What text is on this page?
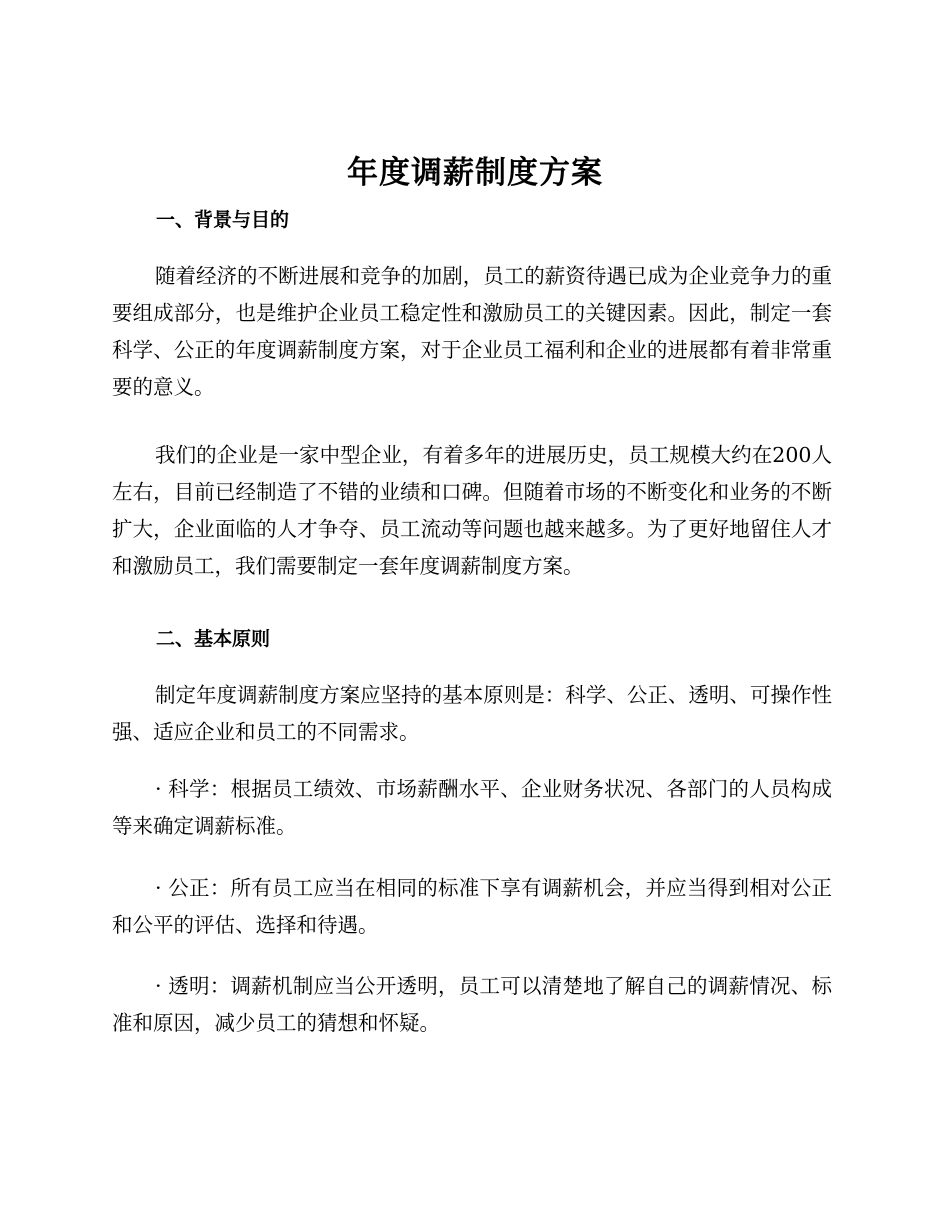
年度调薪制度方案
一、背景与目的

随着经济的不断进展和竞争的加剧，员工的薪资待遇已成为企业竞争力的重要组成部分，也是维护企业员工稳定性和激励员工的关键因素。因此，制定一套科学、公正的年度调薪制度方案，对于企业员工福利和企业的进展都有着非常重要的意义。

我们的企业是一家中型企业，有着多年的进展历史，员工规模大约在200人左右，目前已经制造了不错的业绩和口碑。但随着市场的不断变化和业务的不断扩大，企业面临的人才争夺、员工流动等问题也越来越多。为了更好地留住人才和激励员工，我们需要制定一套年度调薪制度方案。

二、基本原则

制定年度调薪制度方案应坚持的基本原则是：科学、公正、透明、可操作性强、适应企业和员工的不同需求。

· 科学：根据员工绩效、市场薪酬水平、企业财务状况、各部门的人员构成等来确定调薪标准。

· 公正：所有员工应当在相同的标准下享有调薪机会，并应当得到相对公正和公平的评估、选择和待遇。

· 透明：调薪机制应当公开透明，员工可以清楚地了解自己的调薪情况、标准和原因，减少员工的猜想和怀疑。
